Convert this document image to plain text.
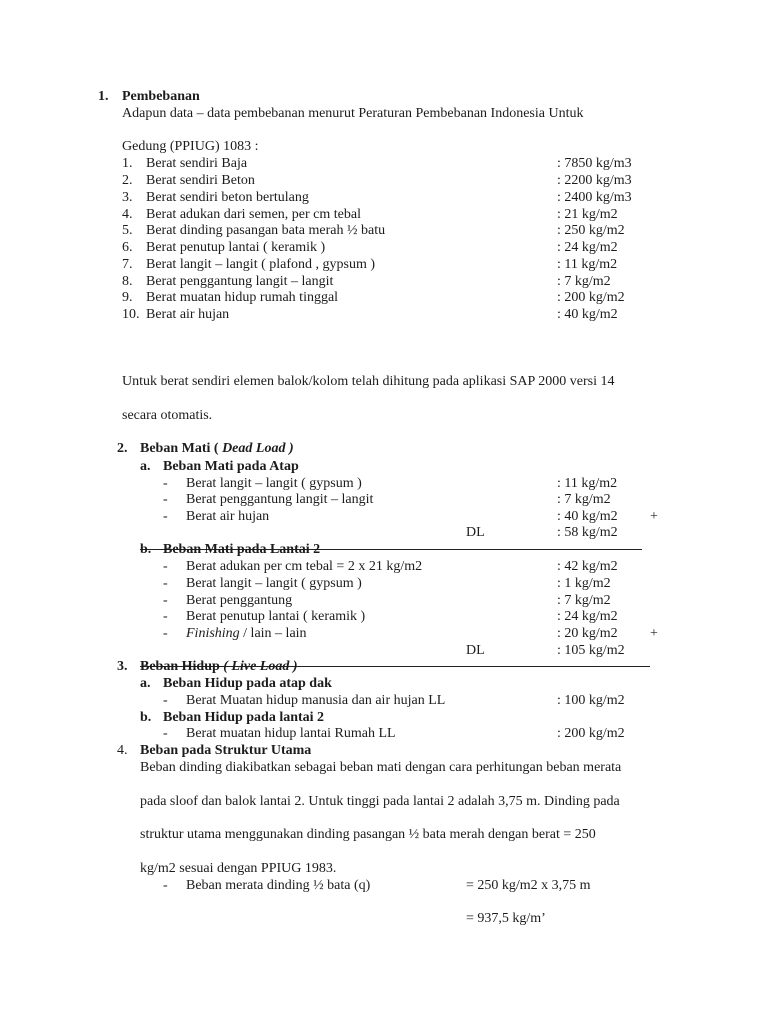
1. Pembebanan
Adapun data – data pembebanan menurut Peraturan Pembebanan Indonesia Untuk
Gedung (PPIUG) 1083 :
1. Berat sendiri Baja	: 7850 kg/m3
2. Berat sendiri Beton	: 2200 kg/m3
3. Berat sendiri beton bertulang	: 2400 kg/m3
4. Berat adukan dari semen, per cm tebal	: 21 kg/m2
5. Berat dinding pasangan bata merah ½ batu	: 250 kg/m2
6. Berat penutup lantai ( keramik )	: 24 kg/m2
7. Berat langit – langit ( plafond , gypsum )	: 11 kg/m2
8. Berat penggantung langit – langit	: 7 kg/m2
9. Berat muatan hidup rumah tinggal	: 200 kg/m2
10. Berat air hujan	: 40 kg/m2
Untuk berat sendiri elemen balok/kolom telah dihitung pada aplikasi SAP 2000 versi 14
secara otomatis.
2. Beban Mati ( Dead Load )
a. Beban Mati pada Atap
- Berat langit – langit ( gypsum )	: 11 kg/m2
- Berat penggantung langit – langit	: 7 kg/m2
- Berat air hujan	: 40 kg/m2 +
DL	: 58 kg/m2
b. Beban Mati pada Lantai 2
- Berat adukan per cm tebal = 2 x 21 kg/m2	: 42 kg/m2
- Berat langit – langit ( gypsum )	: 1 kg/m2
- Berat penggantung	: 7 kg/m2
- Berat penutup lantai ( keramik )	: 24 kg/m2
- Finishing / lain – lain	: 20 kg/m2 +
DL	: 105 kg/m2
3. Beban Hidup ( Live Load )
a. Beban Hidup pada atap dak
- Berat Muatan hidup manusia dan air hujan LL	: 100 kg/m2
b. Beban Hidup pada lantai 2
- Berat muatan hidup lantai Rumah LL	: 200 kg/m2
4. Beban pada Struktur Utama
Beban dinding diakibatkan sebagai beban mati dengan cara perhitungan beban merata
pada sloof dan balok lantai 2. Untuk tinggi pada lantai 2 adalah 3,75 m. Dinding pada
struktur utama menggunakan dinding pasangan ½ bata merah dengan berat = 250
kg/m2 sesuai dengan PPIUG 1983.
- Beban merata dinding ½ bata (q)	= 250 kg/m2 x 3,75 m
= 937,5 kg/m’
